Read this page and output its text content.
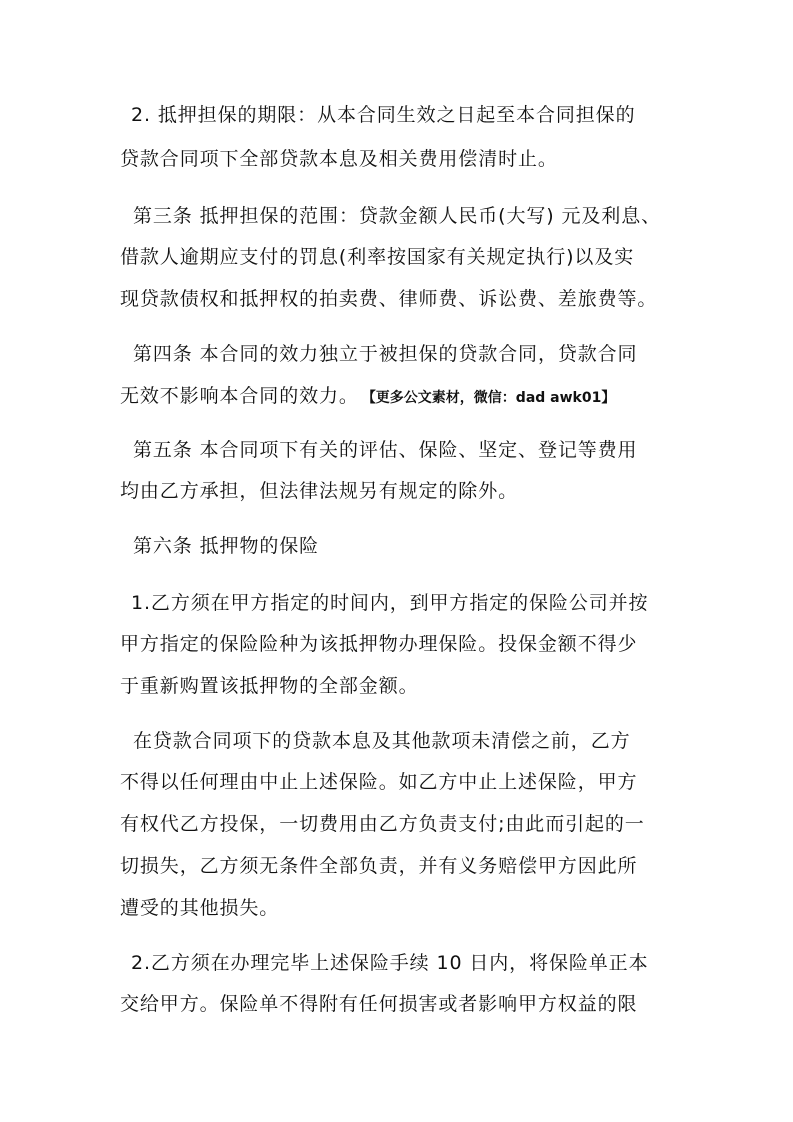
2. 抵押担保的期限：从本合同生效之日起至本合同担保的
贷款合同项下全部贷款本息及相关费用偿清时止。
第三条 抵押担保的范围：贷款金额人民币(大写) 元及利息、
借款人逾期应支付的罚息(利率按国家有关规定执行)以及实
现贷款债权和抵押权的拍卖费、律师费、诉讼费、差旅费等。
第四条 本合同的效力独立于被担保的贷款合同，贷款合同
无效不影响本合同的效力。 【更多公文素材，微信：dad awk01】
第五条 本合同项下有关的评估、保险、坚定、登记等费用
均由乙方承担，但法律法规另有规定的除外。
第六条 抵押物的保险
1.乙方须在甲方指定的时间内，到甲方指定的保险公司并按
甲方指定的保险险种为该抵押物办理保险。投保金额不得少
于重新购置该抵押物的全部金额。
在贷款合同项下的贷款本息及其他款项未清偿之前，乙方
不得以任何理由中止上述保险。如乙方中止上述保险，甲方
有权代乙方投保，一切费用由乙方负责支付;由此而引起的一
切损失，乙方须无条件全部负责，并有义务赔偿甲方因此所
遭受的其他损失。
2.乙方须在办理完毕上述保险手续 10 日内，将保险单正本
交给甲方。保险单不得附有任何损害或者影响甲方权益的限
